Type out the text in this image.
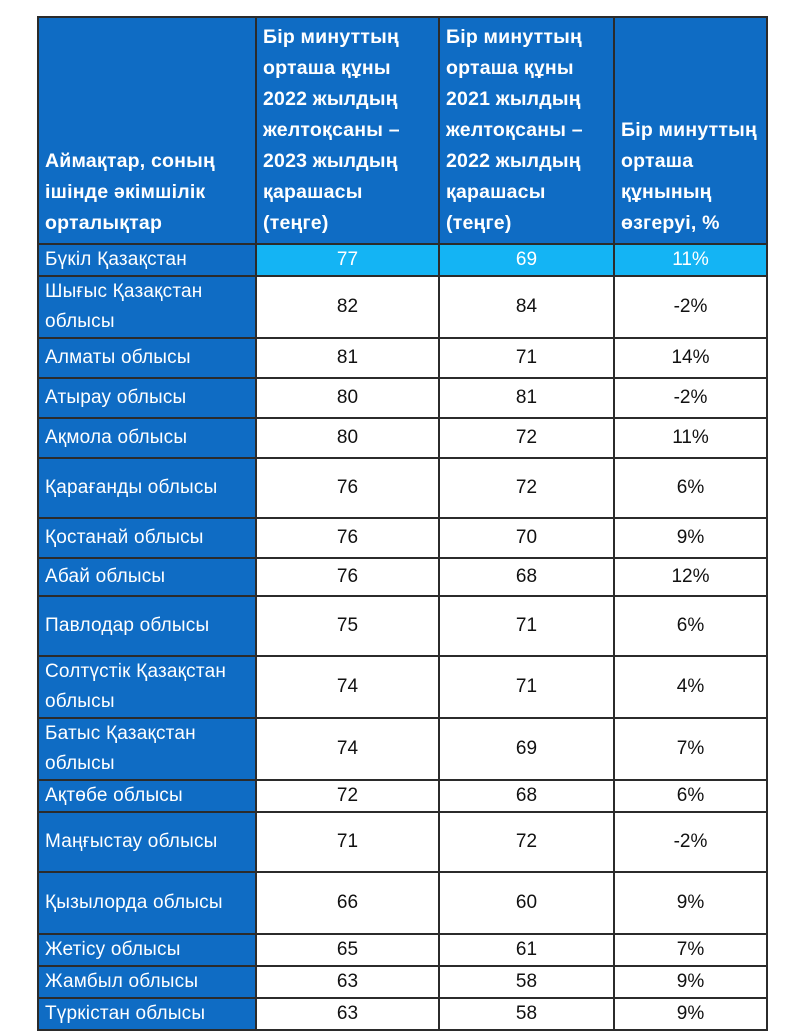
Аймақтар, соның ішінде әкімшілік орталықтар	Бір минуттың орташа құны 2022 жылдың желтоқсаны – 2023 жылдың қарашасы (теңге)	Бір минуттың орташа құны 2021 жылдың желтоқсаны – 2022 жылдың қарашасы (теңге)	Бір минуттың орташа құнының өзгеруі, %
Бүкіл Қазақстан	77	69	11%
Шығыс Қазақстан облысы	82	84	-2%
Алматы облысы	81	71	14%
Атырау облысы	80	81	-2%
Ақмола облысы	80	72	11%
Қарағанды облысы	76	72	6%
Қостанай облысы	76	70	9%
Абай облысы	76	68	12%
Павлодар облысы	75	71	6%
Солтүстік Қазақстан облысы	74	71	4%
Батыс Қазақстан облысы	74	69	7%
Ақтөбе облысы	72	68	6%
Маңғыстау облысы	71	72	-2%
Қызылорда облысы	66	60	9%
Жетісу облысы	65	61	7%
Жамбыл облысы	63	58	9%
Түркістан облысы	63	58	9%
